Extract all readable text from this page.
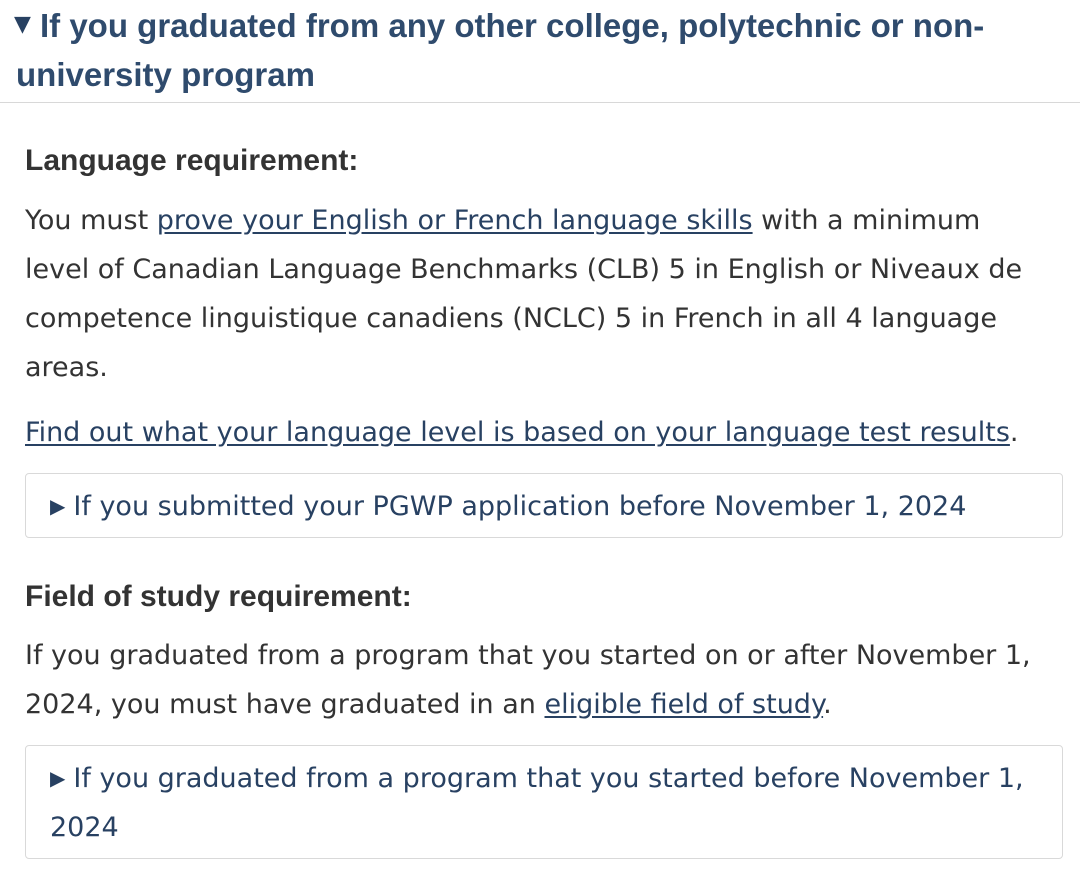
▼ If you graduated from any other college, polytechnic or non-university program
Language requirement:

You must prove your English or French language skills with a minimum level of Canadian Language Benchmarks (CLB) 5 in English or Niveaux de competence linguistique canadiens (NCLC) 5 in French in all 4 language areas.

Find out what your language level is based on your language test results.

Field of study requirement:

If you graduated from a program that you started on or after November 1, 2024, you must have graduated in an eligible field of study.

▶ If you submitted your PGWP application before November 1, 2024
▶ If you graduated from a program that you started before November 1, 2024
